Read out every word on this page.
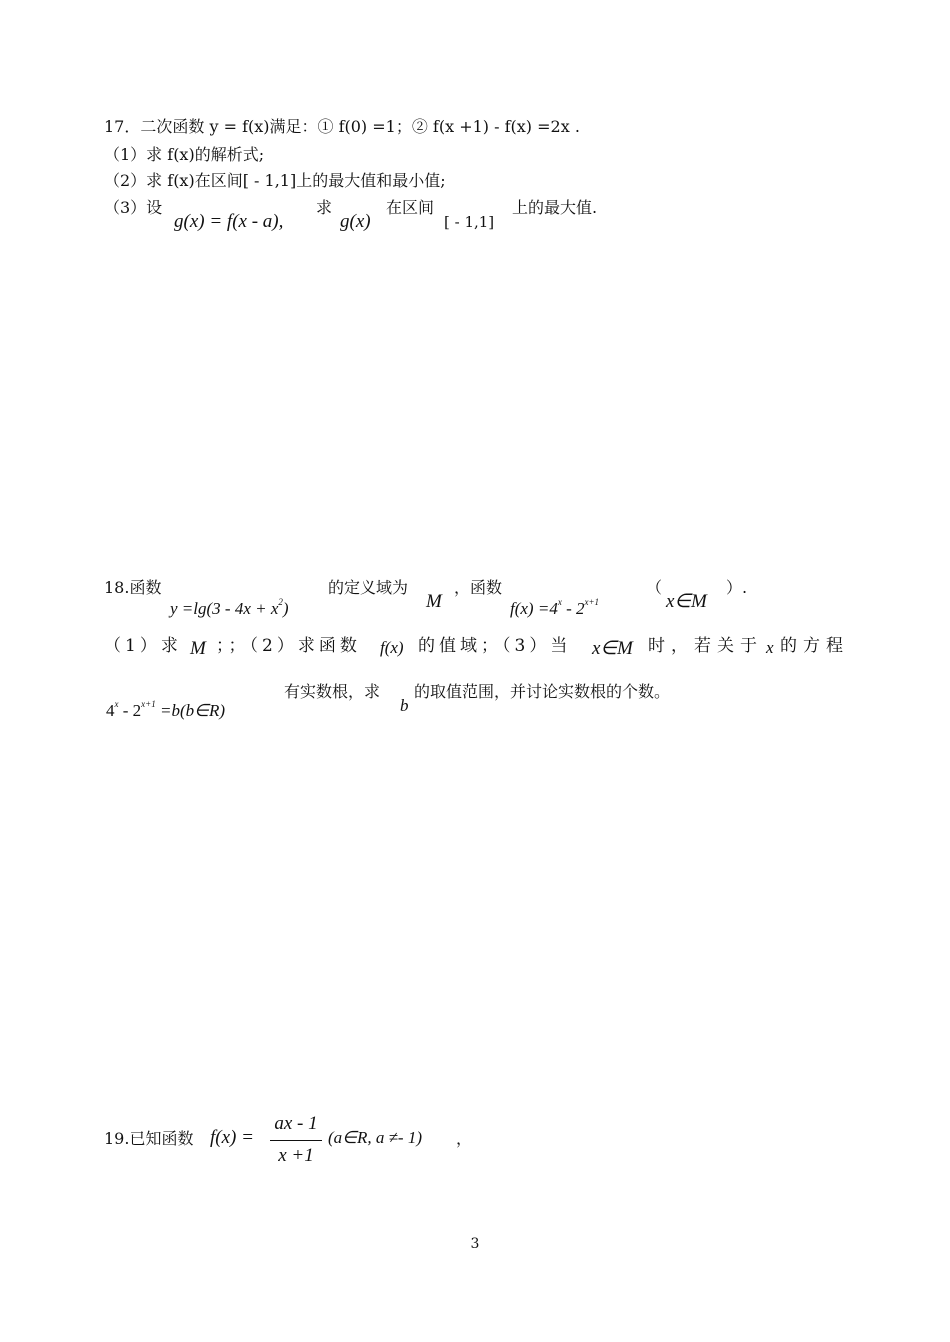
17．二次函数 y = f(x)满足：① f(0) =1；② f(x +1) - f(x) =2x .
（1）求 f(x)的解析式;
（2）求 f(x)在区间[ - 1,1]上的最大值和最小值;
（3）设
g(x) = f(x - a),
求
g(x)
在区间
[ - 1,1]
上的最大值.
18.函数
$y =\lg(3 - 4x + x^2)$
的定义域为
M
，函数
$f(x) =4^x - 2^{x+1}$
（
x∈M
）.
（1）求 M ；；（2）求函数 f(x) 的值域；（3）当 x∈M 时，若关于 x 的方程
$4^x - 2^{x+1}$ =b(b∈R)
有实数根，求
b
的取值范围，并讨论实数根的个数。
19.已知函数 f(x) =
ax - 1
x +1
(a∈R, a ≠- 1) ，
3
